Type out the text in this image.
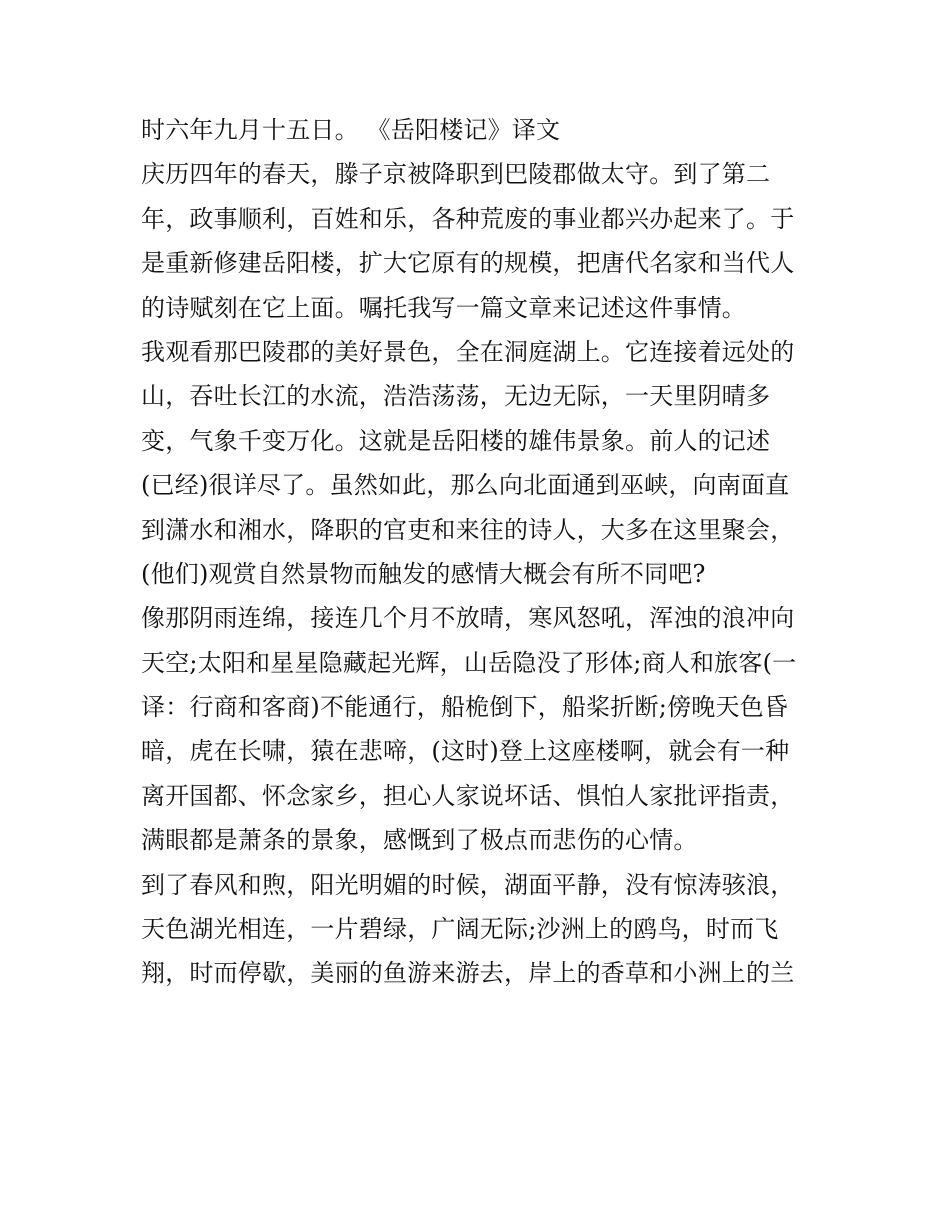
时六年九月十五日。 《岳阳楼记》译文
庆历四年的春天，滕子京被降职到巴陵郡做太守。到了第二
年，政事顺利，百姓和乐，各种荒废的事业都兴办起来了。于
是重新修建岳阳楼，扩大它原有的规模，把唐代名家和当代人
的诗赋刻在它上面。嘱托我写一篇文章来记述这件事情。
我观看那巴陵郡的美好景色，全在洞庭湖上。它连接着远处的
山，吞吐长江的水流，浩浩荡荡，无边无际，一天里阴晴多
变，气象千变万化。这就是岳阳楼的雄伟景象。前人的记述
(已经)很详尽了。虽然如此，那么向北面通到巫峡，向南面直
到潇水和湘水，降职的官吏和来往的诗人，大多在这里聚会，
(他们)观赏自然景物而触发的感情大概会有所不同吧?
像那阴雨连绵，接连几个月不放晴，寒风怒吼，浑浊的浪冲向
天空;太阳和星星隐藏起光辉，山岳隐没了形体;商人和旅客(一
译：行商和客商)不能通行，船桅倒下，船桨折断;傍晚天色昏
暗，虎在长啸，猿在悲啼，(这时)登上这座楼啊，就会有一种
离开国都、怀念家乡，担心人家说坏话、惧怕人家批评指责，
满眼都是萧条的景象，感慨到了极点而悲伤的心情。
到了春风和煦，阳光明媚的时候，湖面平静，没有惊涛骇浪，
天色湖光相连，一片碧绿，广阔无际;沙洲上的鸥鸟，时而飞
翔，时而停歇，美丽的鱼游来游去，岸上的香草和小洲上的兰
